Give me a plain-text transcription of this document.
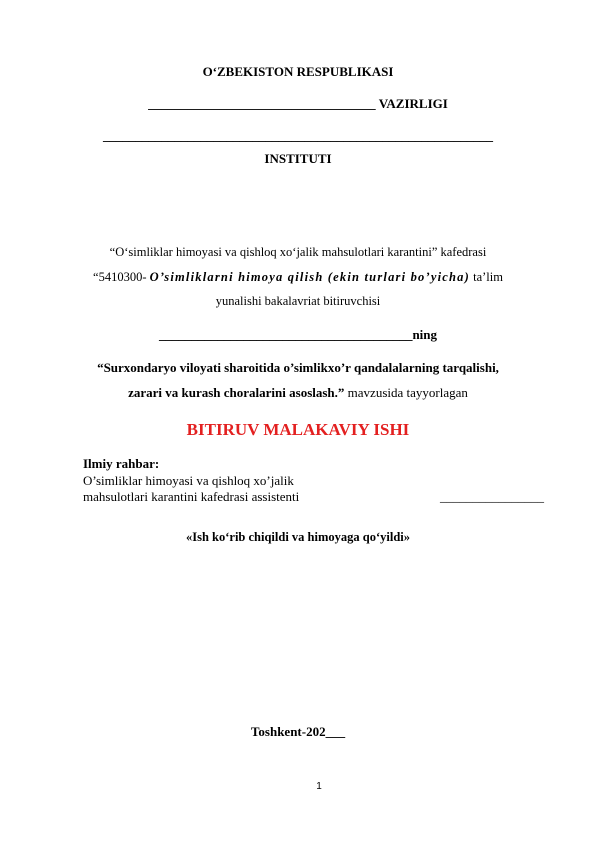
O‘ZBEKISTON RESPUBLIKASI
___________________________________ VAZIRLIGI
____________________________________________________________
INSTITUTI
“O‘simliklar himoyasi va qishloq xo‘jalik mahsulotlari karantini” kafedrasi
“5410300- O’simliklarni himoya qilish (ekin turlari bo’yicha) ta’lim
yunalishi bakalavriat bitiruvchisi
_______________________________________ning
“Surxondaryo viloyati sharoitida o’simlikxo’r qandalalarning tarqalishi,
zarari va kurash choralarini asoslash.” mavzusida tayyorlagan
BITIRUV MALAKAVIY ISHI
Ilmiy rahbar:
O’simliklar himoyasi va qishloq xo’jalik
mahsulotlari karantini kafedrasi assistenti	________________
«Ish ko‘rib chiqildi va himoyaga qo‘yildi»
Toshkent-202___
1
